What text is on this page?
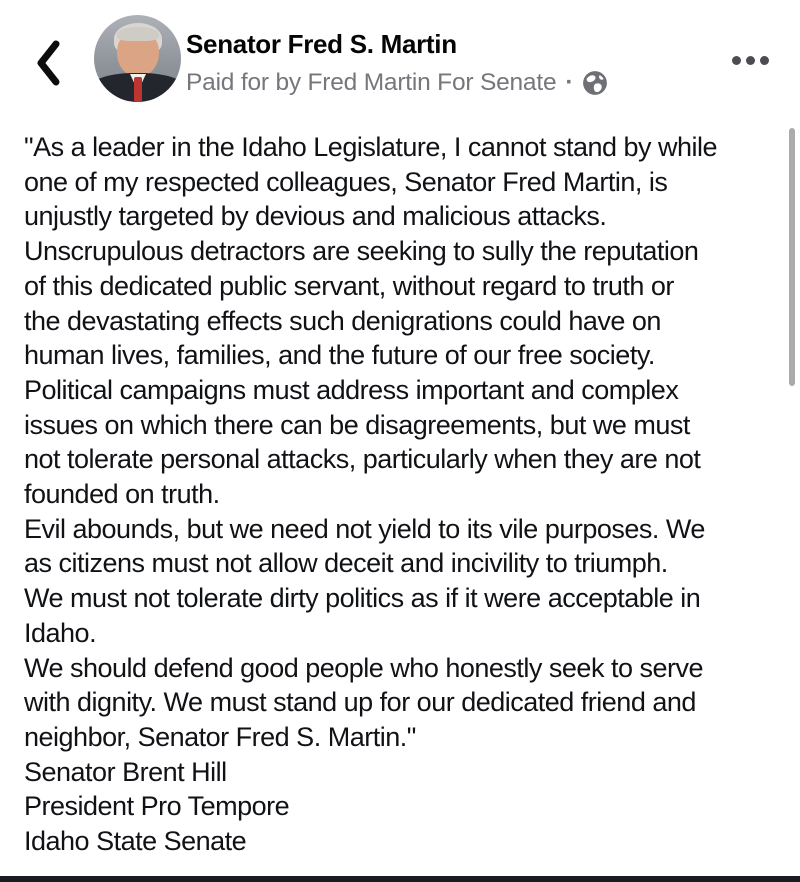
Senator Fred S. Martin
Paid for by Fred Martin For Senate ·
"As a leader in the Idaho Legislature, I cannot stand by while
one of my respected colleagues, Senator Fred Martin, is
unjustly targeted by devious and malicious attacks.
Unscrupulous detractors are seeking to sully the reputation
of this dedicated public servant, without regard to truth or
the devastating effects such denigrations could have on
human lives, families, and the future of our free society.
Political campaigns must address important and complex
issues on which there can be disagreements, but we must
not tolerate personal attacks, particularly when they are not
founded on truth.
Evil abounds, but we need not yield to its vile purposes. We
as citizens must not allow deceit and incivility to triumph.
We must not tolerate dirty politics as if it were acceptable in
Idaho.
We should defend good people who honestly seek to serve
with dignity. We must stand up for our dedicated friend and
neighbor, Senator Fred S. Martin."
Senator Brent Hill
President Pro Tempore
Idaho State Senate
